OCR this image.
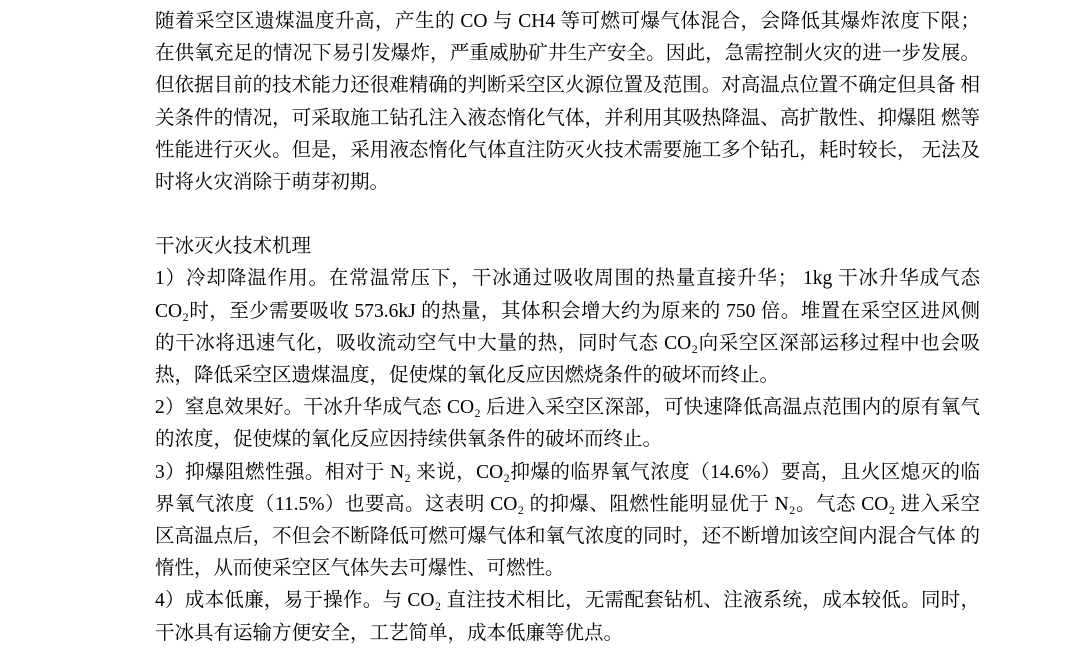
随着采空区遗煤温度升高，产生的 CO 与 CH4 等可燃可爆气体混合，会降低其爆炸浓度下限； 在供氧充足的情况下易引发爆炸，严重威胁矿井生产安全。因此，急需控制火灾的进一步发展。 但依据目前的技术能力还很难精确的判断采空区火源位置及范围。对高温点位置不确定但具备 相关条件的情况，可采取施工钻孔注入液态惰化气体，并利用其吸热降温、高扩散性、抑爆阻 燃等性能进行灭火。但是，采用液态惰化气体直注防灭火技术需要施工多个钻孔，耗时较长， 无法及时将火灾消除于萌芽初期。

干冰灭火技术机理

1）冷却降温作用。在常温常压下，干冰通过吸收周围的热量直接升华； 1kg 干冰升华成气态 CO₂时，至少需要吸收 573.6kJ 的热量，其体积会增大约为原来的 750 倍。堆置在采空区进风侧 的干冰将迅速气化，吸收流动空气中大量的热，同时气态 CO₂向采空区深部运移过程中也会吸 热，降低采空区遗煤温度，促使煤的氧化反应因燃烧条件的破坏而终止。

2）窒息效果好。干冰升华成气态 CO₂ 后进入采空区深部，可快速降低高温点范围内的原有氧气 的浓度，促使煤的氧化反应因持续供氧条件的破坏而终止。

3）抑爆阻燃性强。相对于 N₂ 来说，CO₂抑爆的临界氧气浓度（14.6%）要高，且火区熄灭的临 界氧气浓度（11.5%）也要高。这表明 CO₂ 的抑爆、阻燃性能明显优于 N₂。气态 CO₂ 进入采空 区高温点后，不但会不断降低可燃可爆气体和氧气浓度的同时，还不断增加该空间内混合气体 的惰性，从而使采空区气体失去可爆性、可燃性。

4）成本低廉，易于操作。与 CO₂ 直注技术相比，无需配套钻机、注液系统，成本较低。同时， 干冰具有运输方便安全，工艺简单，成本低廉等优点。
